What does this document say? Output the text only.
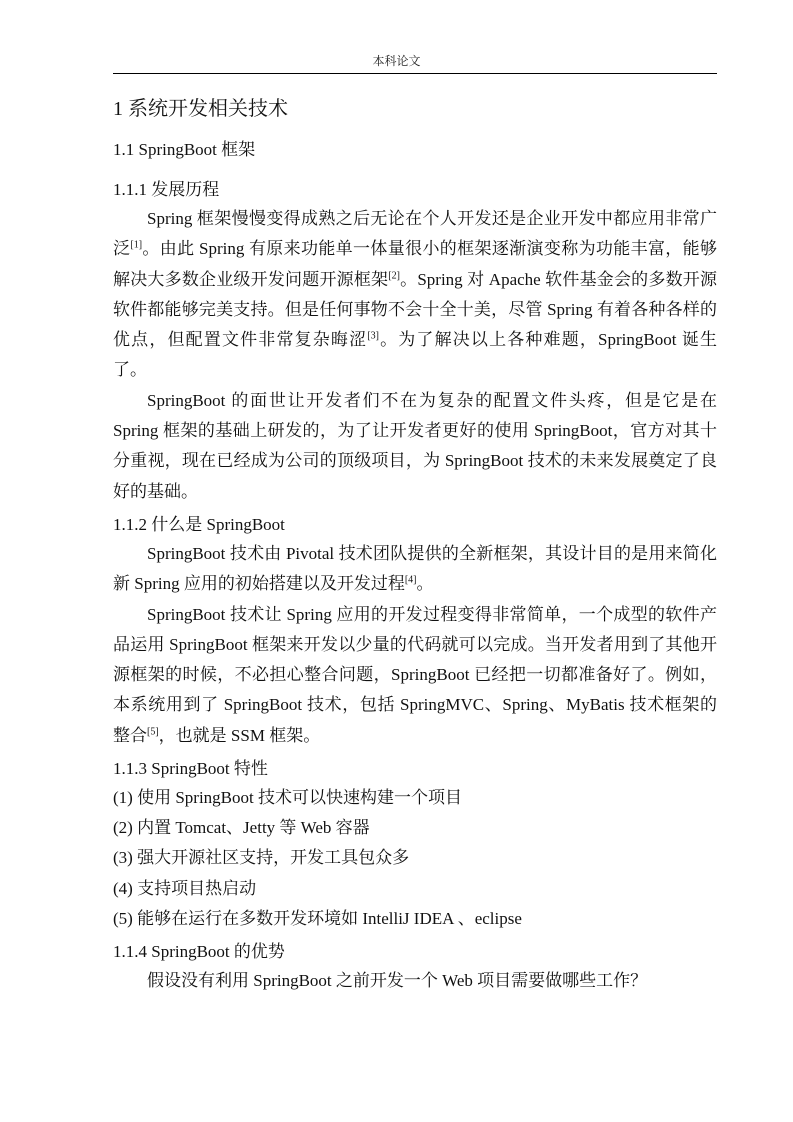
本科论文
1 系统开发相关技术
1.1 SpringBoot 框架
1.1.1 发展历程

Spring 框架慢慢变得成熟之后无论在个人开发还是企业开发中都应用非常广泛[1]。由此 Spring 有原来功能单一体量很小的框架逐渐演变称为功能丰富，能够解决大多数企业级开发问题开源框架[2]。Spring 对 Apache 软件基金会的多数开源软件都能够完美支持。但是任何事物不会十全十美，尽管 Spring 有着各种各样的优点，但配置文件非常复杂晦涩[3]。为了解决以上各种难题，SpringBoot 诞生了。

SpringBoot 的面世让开发者们不在为复杂的配置文件头疼，但是它是在 Spring 框架的基础上研发的，为了让开发者更好的使用 SpringBoot，官方对其十分重视，现在已经成为公司的顶级项目，为 SpringBoot 技术的未来发展奠定了良好的基础。

1.1.2 什么是 SpringBoot

SpringBoot 技术由 Pivotal 技术团队提供的全新框架，其设计目的是用来简化新 Spring 应用的初始搭建以及开发过程[4]。

SpringBoot 技术让 Spring 应用的开发过程变得非常简单，一个成型的软件产品运用 SpringBoot 框架来开发以少量的代码就可以完成。当开发者用到了其他开源框架的时候，不必担心整合问题，SpringBoot 已经把一切都准备好了。例如，本系统用到了 SpringBoot 技术，包括 SpringMVC、Spring、MyBatis 技术框架的整合[5]，也就是 SSM 框架。

1.1.3 SpringBoot 特性
(1) 使用 SpringBoot 技术可以快速构建一个项目
(2) 内置 Tomcat、Jetty 等 Web 容器
(3) 强大开源社区支持，开发工具包众多
(4) 支持项目热启动
(5) 能够在运行在多数开发环境如 IntelliJ IDEA 、eclipse
1.1.4 SpringBoot 的优势

假设没有利用 SpringBoot 之前开发一个 Web 项目需要做哪些工作？
